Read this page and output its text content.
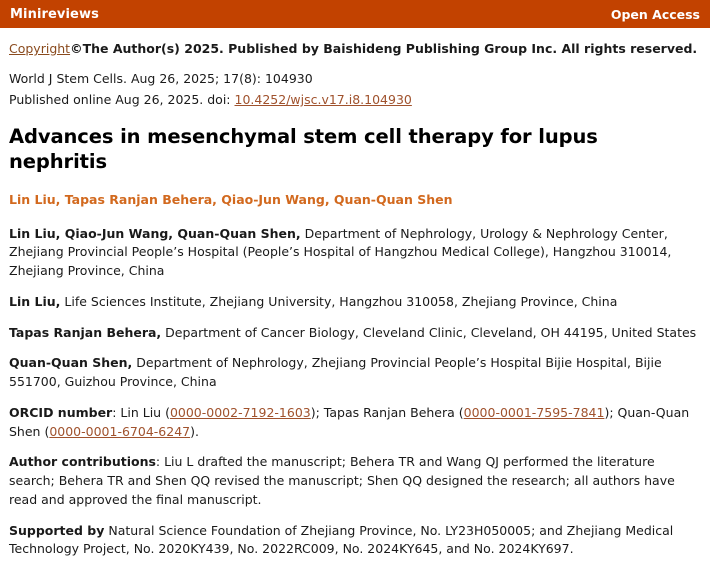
Minireviews	Open Access
Copyright©The Author(s) 2025. Published by Baishideng Publishing Group Inc. All rights reserved.
World J Stem Cells. Aug 26, 2025; 17(8): 104930
Published online Aug 26, 2025. doi: 10.4252/wjsc.v17.i8.104930
Advances in mesenchymal stem cell therapy for lupus nephritis
Lin Liu, Tapas Ranjan Behera, Qiao-Jun Wang, Quan-Quan Shen
Lin Liu, Qiao-Jun Wang, Quan-Quan Shen, Department of Nephrology, Urology & Nephrology Center, Zhejiang Provincial People’s Hospital (People’s Hospital of Hangzhou Medical College), Hangzhou 310014, Zhejiang Province, China
Lin Liu, Life Sciences Institute, Zhejiang University, Hangzhou 310058, Zhejiang Province, China
Tapas Ranjan Behera, Department of Cancer Biology, Cleveland Clinic, Cleveland, OH 44195, United States
Quan-Quan Shen, Department of Nephrology, Zhejiang Provincial People’s Hospital Bijie Hospital, Bijie 551700, Guizhou Province, China
ORCID number: Lin Liu (0000-0002-7192-1603); Tapas Ranjan Behera (0000-0001-7595-7841); Quan-Quan Shen (0000-0001-6704-6247).
Author contributions: Liu L drafted the manuscript; Behera TR and Wang QJ performed the literature search; Behera TR and Shen QQ revised the manuscript; Shen QQ designed the research; all authors have read and approved the final manuscript.
Supported by Natural Science Foundation of Zhejiang Province, No. LY23H050005; and Zhejiang Medical Technology Project, No. 2020KY439, No. 2022RC009, No. 2024KY645, and No. 2024KY697.
